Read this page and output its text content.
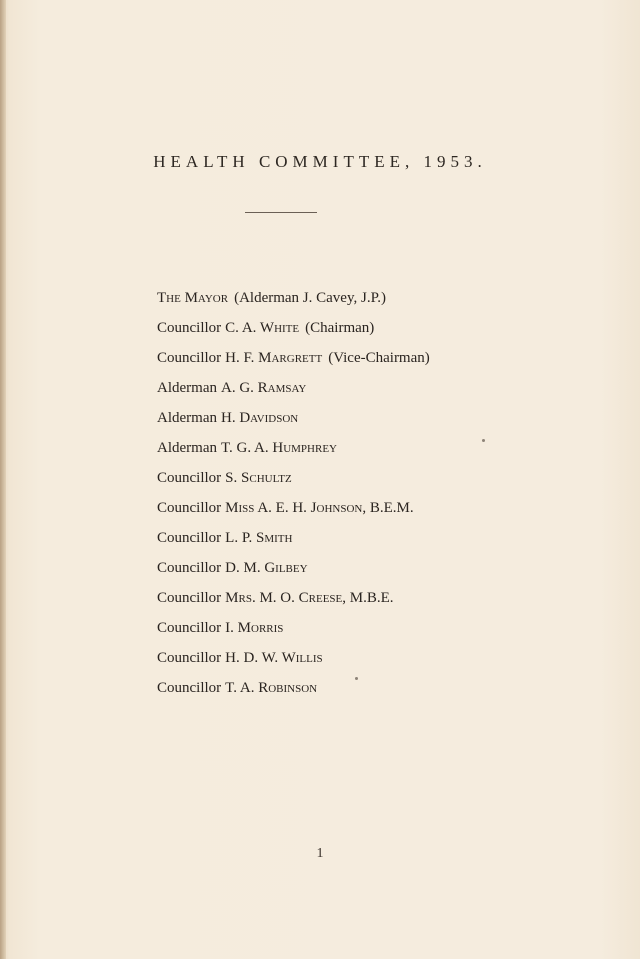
HEALTH COMMITTEE, 1953.
The Mayor (Alderman J. Cavey, J.P.)
Councillor C. A. White (Chairman)
Councillor H. F. Margrett (Vice-Chairman)
Alderman A. G. Ramsay
Alderman H. Davidson
Alderman T. G. A. Humphrey
Councillor S. Schultz
Councillor Miss A. E. H. Johnson, B.E.M.
Councillor L. P. Smith
Councillor D. M. Gilbey
Councillor Mrs. M. O. Creese, M.B.E.
Councillor I. Morris
Councillor H. D. W. Willis
Councillor T. A. Robinson
1
